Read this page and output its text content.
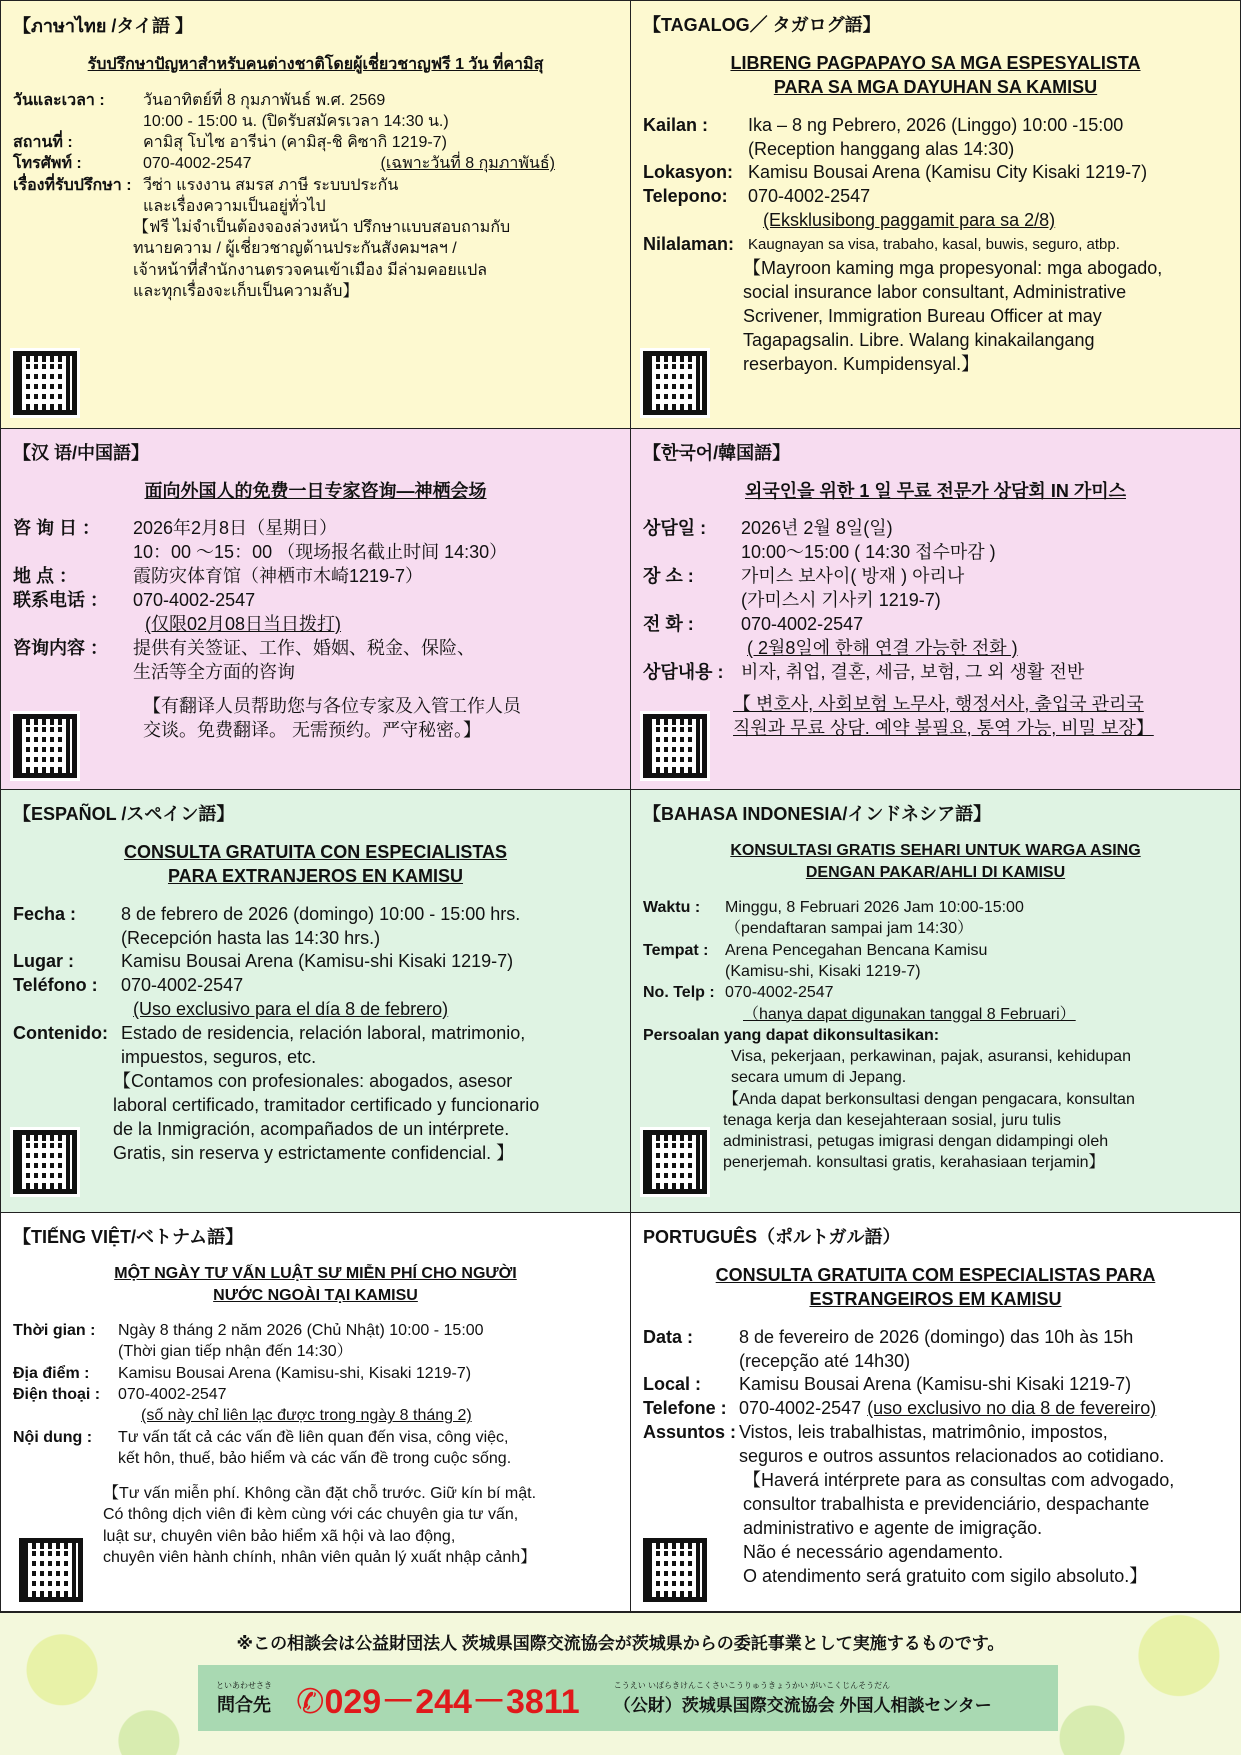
【ภาษาไทย /タイ語 】
รับปรึกษาปัญหาสำหรับคนต่างชาติโดยผู้เชี่ยวชาญฟรี 1 วัน ที่คามิสุ
วันและเวลา :	วันอาทิตย์ที่ 8 กุมภาพันธ์ พ.ศ. 2569
10:00 - 15:00 น. (ปิดรับสมัครเวลา 14:30 น.)
สถานที่ :	คามิสุ โบไซ อารีน่า (คามิสุ-ชิ คิซากิ 1219-7)
โทรศัพท์ :	070-4002-2547	(เฉพาะวันที่ 8 กุมภาพันธ์)
เรื่องที่รับปรึกษา : วีซ่า แรงงาน สมรส ภาษี ระบบประกัน
และเรื่องความเป็นอยู่ทั่วไป
【ฟรี ไม่จำเป็นต้องจองล่วงหน้า ปรึกษาแบบสอบถามกับ
ทนายความ / ผู้เชี่ยวชาญด้านประกันสังคมฯลฯ /
เจ้าหน้าที่สำนักงานตรวจคนเข้าเมือง มีล่ามคอยแปล
และทุกเรื่องจะเก็บเป็นความลับ】
【TAGALOG／ タガログ語】
LIBRENG PAGPAPAYO SA MGA ESPESYALISTA
PARA SA MGA DAYUHAN SA KAMISU
Kailan :	Ika – 8 ng Pebrero, 2026 (Linggo) 10:00 -15:00
(Reception hanggang alas 14:30)
Lokasyon: Kamisu Bousai Arena (Kamisu City Kisaki 1219-7)
Telepono:	070-4002-2547
(Eksklusibong paggamit para sa 2/8)
Nilalaman: Kaugnayan sa visa, trabaho, kasal, buwis, seguro, atbp.
【Mayroon kaming mga propesyonal: mga abogado,
social insurance labor consultant, Administrative
Scrivener, Immigration Bureau Officer at may
Tagapagsalin. Libre. Walang kinakailangang
reserbayon. Kumpidensyal.】
【汉 语/中国語】
面向外国人的免费一日专家咨询—神栖会场
咨 询 日 ：	2026年2月8日（星期日）
10：00 ～15：00 （现场报名截止时间 14:30）
地 点 ：	霞防灾体育馆（神栖市木崎1219-7）
联系电话 ：	070-4002-2547
(仅限02月08日当日拨打)
咨询内容 ：	提供有关签证、工作、婚姻、税金、保险、
生活等全方面的咨询
【有翻译人员帮助您与各位专家及入管工作人员
交谈。免费翻译。 无需预约。严守秘密。】
【한국어/韓国語】
외국인을 위한 1 일 무료 전문가 상담회 IN 가미스
상담일 :	2026년 2월 8일(일)
10:00～15:00 ( 14:30 접수마감 )
장 소 :	가미스 보사이( 방재 ) 아리나
(가미스시 기사키 1219-7)
전 화 :	070-4002-2547
( 2월8일에 한해 연결 가능한 전화 )
상담내용 : 비자, 취업, 결혼, 세금, 보험, 그 외 생활 전반
【 변호사, 사회보험 노무사, 행정서사, 출입국 관리국
직원과 무료 상담. 예약 불필요, 통역 가능, 비밀 보장】
【ESPAÑOL /スペイン語】
CONSULTA GRATUITA CON ESPECIALISTAS
PARA EXTRANJEROS EN KAMISU
Fecha :	8 de febrero de 2026 (domingo) 10:00 - 15:00 hrs.
(Recepción hasta las 14:30 hrs.)
Lugar :	Kamisu Bousai Arena (Kamisu-shi Kisaki 1219-7)
Teléfono :	070-4002-2547
(Uso exclusivo para el día 8 de febrero)
Contenido: Estado de residencia, relación laboral, matrimonio,
impuestos, seguros, etc.
【Contamos con profesionales: abogados, asesor
laboral certificado, tramitador certificado y funcionario
de la Inmigración, acompañados de un intérprete.
Gratis, sin reserva y estrictamente confidencial. 】
【BAHASA INDONESIA/インドネシア語】
KONSULTASI GRATIS SEHARI UNTUK WARGA ASING
DENGAN PAKAR/AHLI DI KAMISU
Waktu :	Minggu, 8 Februari 2026 Jam 10:00-15:00
（pendaftaran sampai jam 14:30）
Tempat :	Arena Pencegahan Bencana Kamisu
(Kamisu-shi, Kisaki 1219-7)
No. Telp : 070-4002-2547
（hanya dapat digunakan tanggal 8 Februari）
Persoalan yang dapat dikonsultasikan:
Visa, pekerjaan, perkawinan, pajak, asuransi, kehidupan
secara umum di Jepang.
【Anda dapat berkonsultasi dengan pengacara, konsultan
tenaga kerja dan kesejahteraan sosial, juru tulis
administrasi, petugas imigrasi dengan didampingi oleh
penerjemah. konsultasi gratis, kerahasiaan terjamin】
【TIẾNG VIỆT/ベトナム語】
MỘT NGÀY TƯ VẤN LUẬT SƯ MIỄN PHÍ CHO NGƯỜI
NƯỚC NGOÀI TẠI KAMISU
Thời gian :	Ngày 8 tháng 2 năm 2026 (Chủ Nhật) 10:00 - 15:00
(Thời gian tiếp nhận đến 14:30）
Địa điểm :	Kamisu Bousai Arena (Kamisu-shi, Kisaki 1219-7)
Điện thoại :	070-4002-2547
(số này chỉ liên lạc được trong ngày 8 tháng 2)
Nội dung :	Tư vấn tất cả các vấn đề liên quan đến visa, công việc,
kết hôn, thuế, bảo hiểm và các vấn đề trong cuộc sống.
【Tư vấn miễn phí. Không cần đặt chỗ trước. Giữ kín bí mật.
Có thông dịch viên đi kèm cùng với các chuyên gia tư vấn,
luật sư, chuyên viên bảo hiểm xã hội và lao động,
chuyên viên hành chính, nhân viên quản lý xuất nhập cảnh】
PORTUGUÊS（ポルトガル語）
CONSULTA GRATUITA COM ESPECIALISTAS PARA
ESTRANGEIROS EM KAMISU
Data :	8 de fevereiro de 2026 (domingo) das 10h às 15h
(recepção até 14h30)
Local :	Kamisu Bousai Arena (Kamisu-shi Kisaki 1219-7)
Telefone : 070-4002-2547 (uso exclusivo no dia 8 de fevereiro)
Assuntos : Vistos, leis trabalhistas, matrimônio, impostos,
seguros e outros assuntos relacionados ao cotidiano.
【Haverá intérprete para as consultas com advogado,
consultor trabalhista e previdenciário, despachante
administrativo e agente de imigração.
Não é necessário agendamento.
O atendimento será gratuito com sigilo absoluto.】
※この相談会は公益財団法人 茨城県国際交流協会が茨城県からの委託事業として実施するものです。
といあわせさき
問合先 ✆029－244－3811	こうえい いばらきけんこくさいこうりゅうきょうかい がいこくじんそうだん
（公財）茨城県国際交流協会 外国人相談センター
